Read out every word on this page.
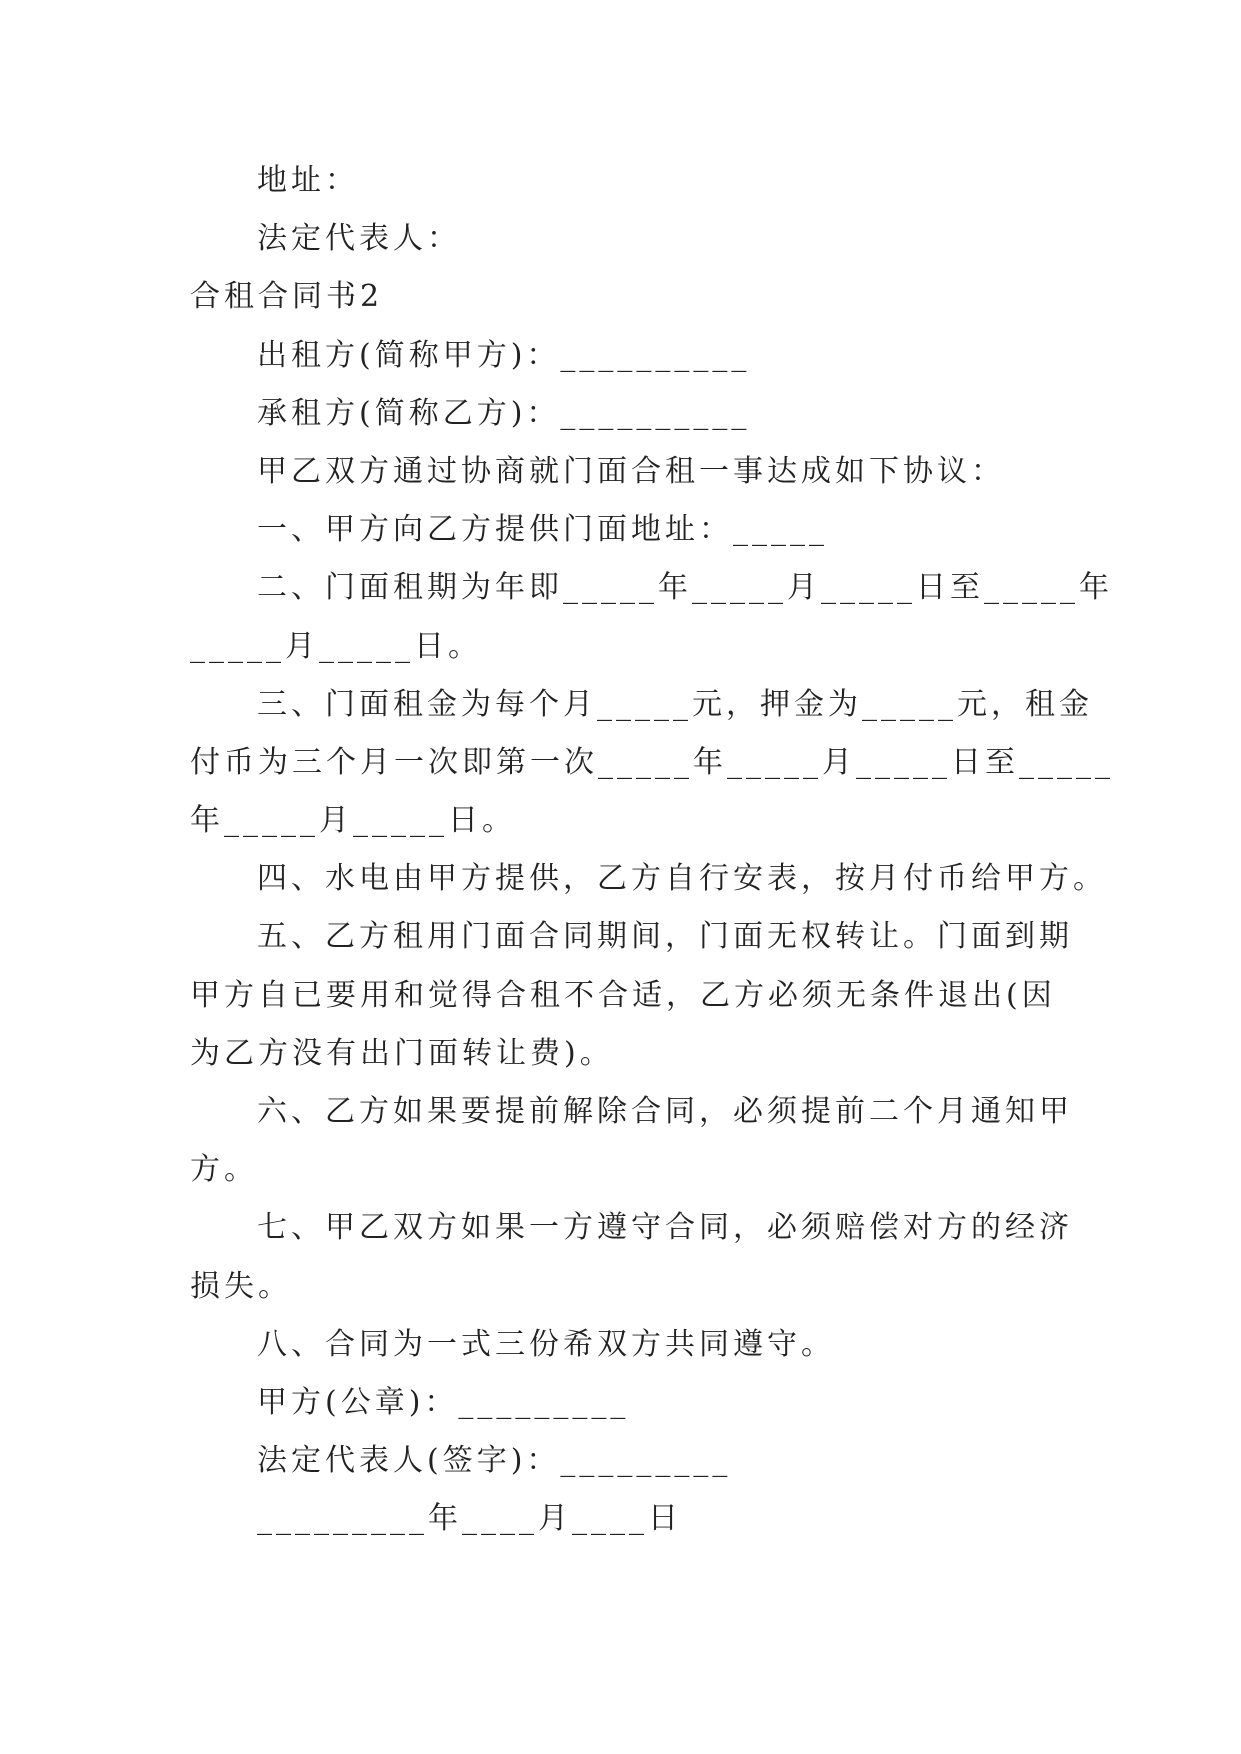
地址：
法定代表人：
合租合同书2
出租方(简称甲方)：__________
承租方(简称乙方)：__________
甲乙双方通过协商就门面合租一事达成如下协议：
一、甲方向乙方提供门面地址：_____
二、门面租期为年即_____年_____月_____日至_____年
_____月_____日。
三、门面租金为每个月_____元，押金为_____元，租金
付币为三个月一次即第一次_____年_____月_____日至_____
年_____月_____日。
四、水电由甲方提供，乙方自行安表，按月付币给甲方。
五、乙方租用门面合同期间，门面无权转让。门面到期
甲方自已要用和觉得合租不合适，乙方必须无条件退出(因
为乙方没有出门面转让费)。
六、乙方如果要提前解除合同，必须提前二个月通知甲
方。
七、甲乙双方如果一方遵守合同，必须赔偿对方的经济
损失。
八、合同为一式三份希双方共同遵守。
甲方(公章)：_________
法定代表人(签字)：_________
_________年____月____日
